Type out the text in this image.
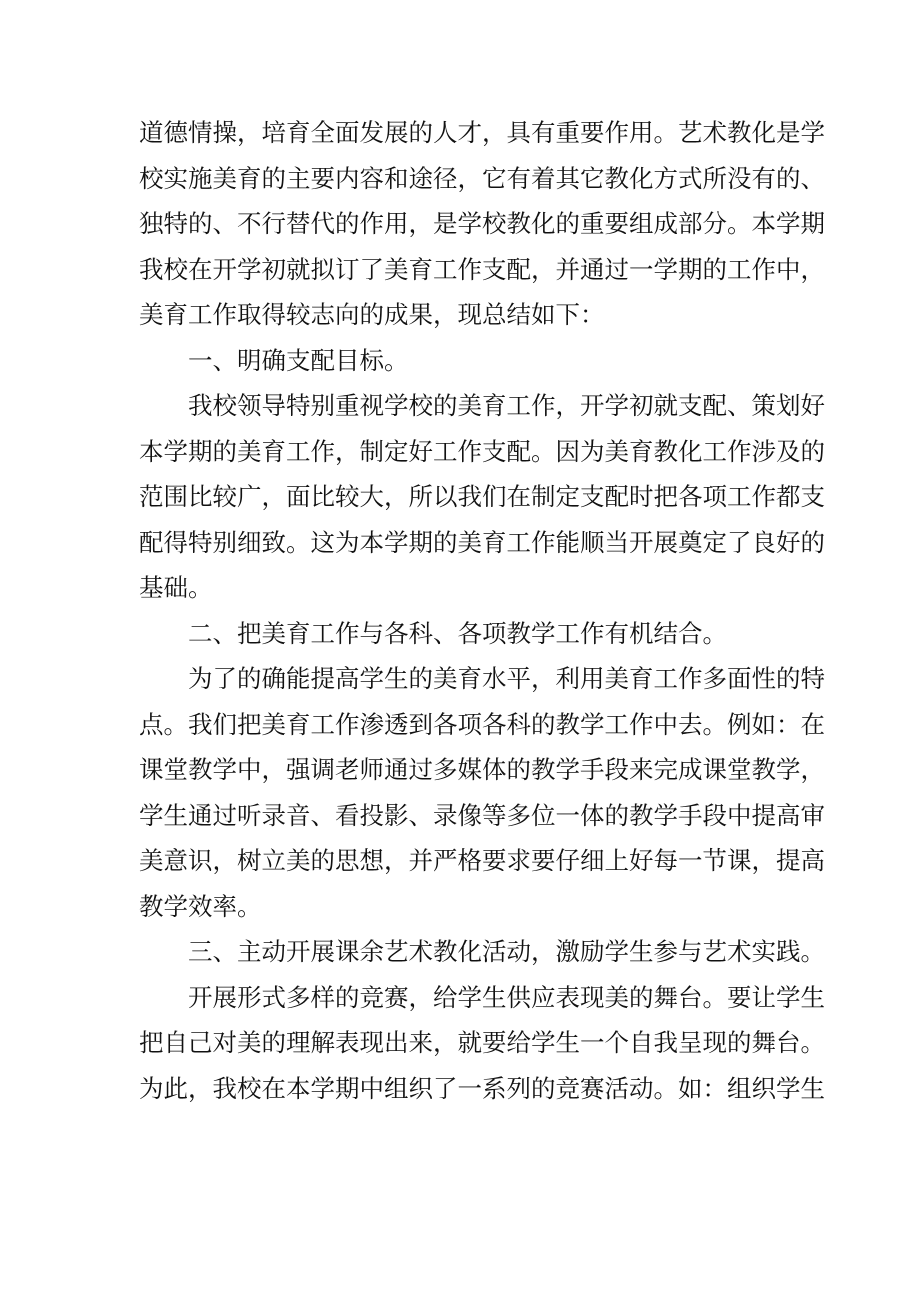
道德情操，培育全面发展的人才，具有重要作用。艺术教化是学
校实施美育的主要内容和途径，它有着其它教化方式所没有的、
独特的、不行替代的作用，是学校教化的重要组成部分。本学期
我校在开学初就拟订了美育工作支配，并通过一学期的工作中，
美育工作取得较志向的成果，现总结如下：
一、明确支配目标。
我校领导特别重视学校的美育工作，开学初就支配、策划好
本学期的美育工作，制定好工作支配。因为美育教化工作涉及的
范围比较广，面比较大，所以我们在制定支配时把各项工作都支
配得特别细致。这为本学期的美育工作能顺当开展奠定了良好的
基础。
二、把美育工作与各科、各项教学工作有机结合。
为了的确能提高学生的美育水平，利用美育工作多面性的特
点。我们把美育工作渗透到各项各科的教学工作中去。例如：在
课堂教学中，强调老师通过多媒体的教学手段来完成课堂教学，
学生通过听录音、看投影、录像等多位一体的教学手段中提高审
美意识，树立美的思想，并严格要求要仔细上好每一节课，提高
教学效率。
三、主动开展课余艺术教化活动，激励学生参与艺术实践。
开展形式多样的竞赛，给学生供应表现美的舞台。要让学生
把自己对美的理解表现出来，就要给学生一个自我呈现的舞台。
为此，我校在本学期中组织了一系列的竞赛活动。如：组织学生
